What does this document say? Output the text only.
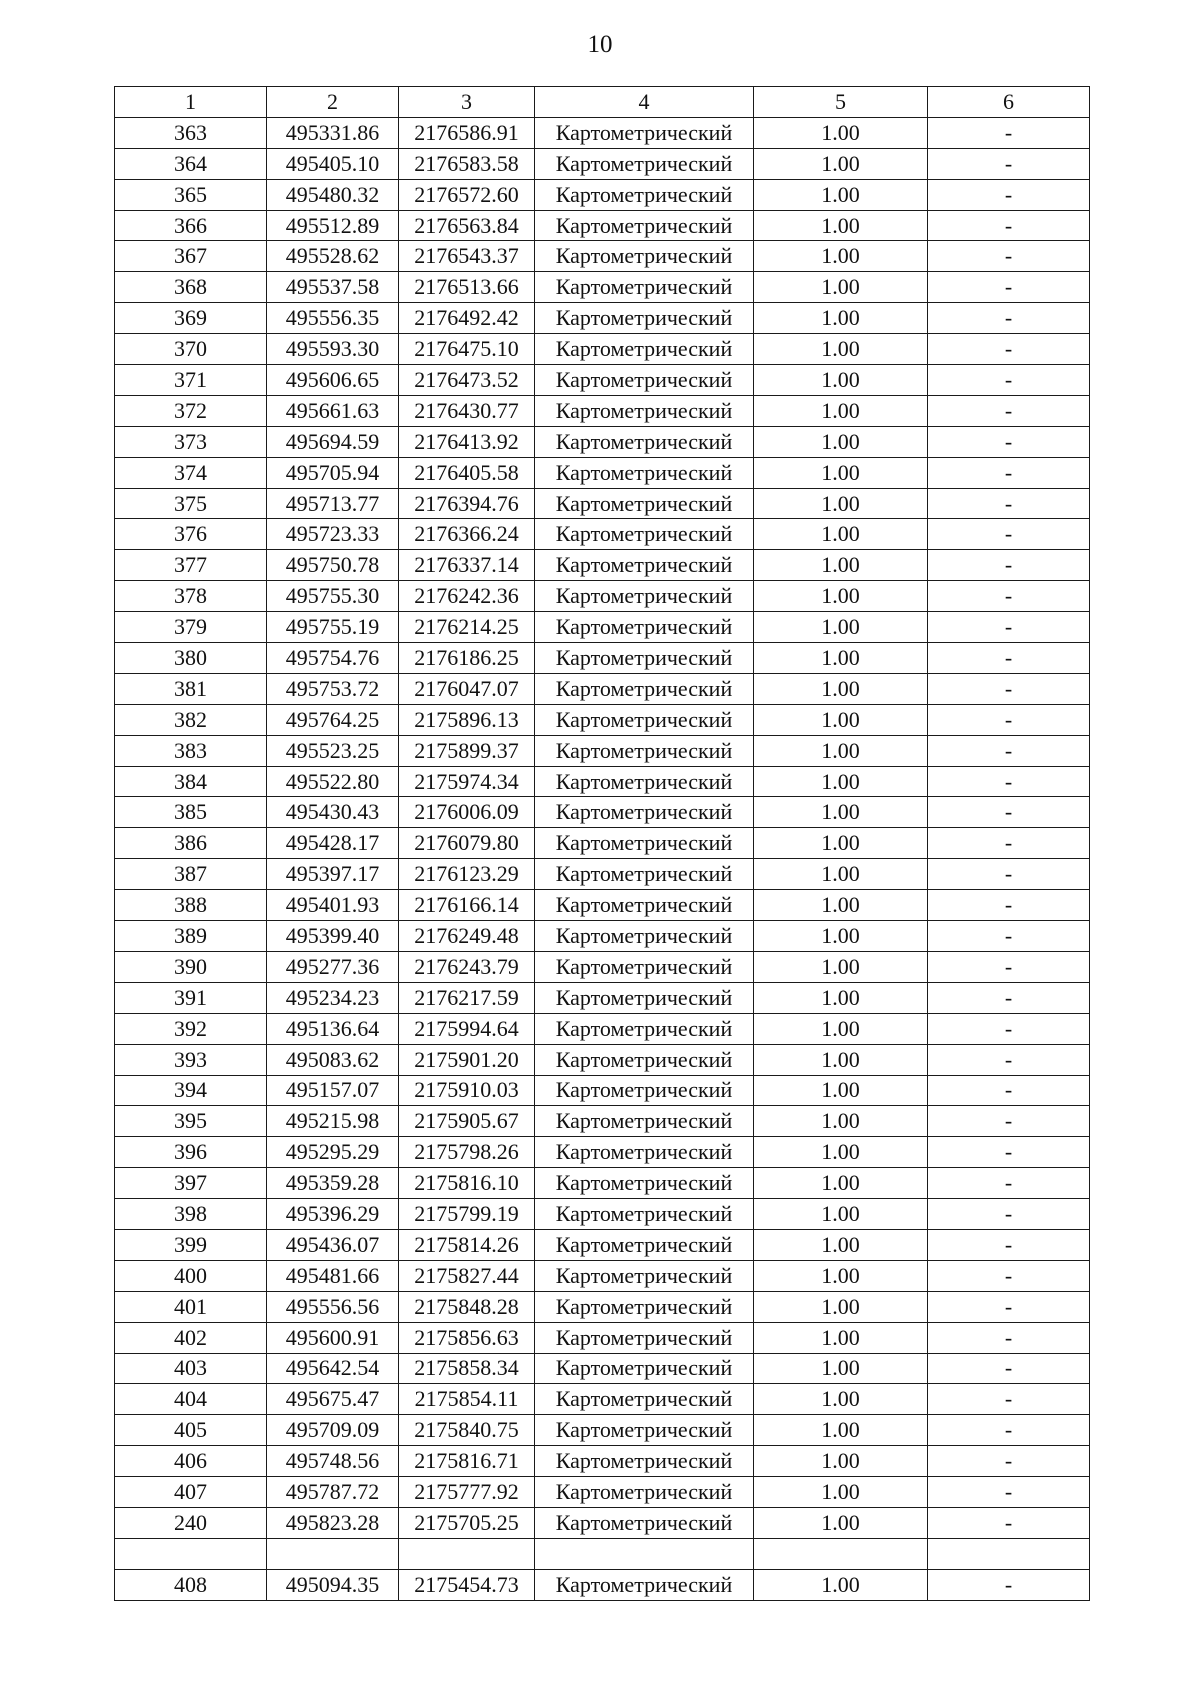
10
1	2	3	4	5	6
363	495331.86	2176586.91	Картометрический	1.00	-
364	495405.10	2176583.58	Картометрический	1.00	-
365	495480.32	2176572.60	Картометрический	1.00	-
366	495512.89	2176563.84	Картометрический	1.00	-
367	495528.62	2176543.37	Картометрический	1.00	-
368	495537.58	2176513.66	Картометрический	1.00	-
369	495556.35	2176492.42	Картометрический	1.00	-
370	495593.30	2176475.10	Картометрический	1.00	-
371	495606.65	2176473.52	Картометрический	1.00	-
372	495661.63	2176430.77	Картометрический	1.00	-
373	495694.59	2176413.92	Картометрический	1.00	-
374	495705.94	2176405.58	Картометрический	1.00	-
375	495713.77	2176394.76	Картометрический	1.00	-
376	495723.33	2176366.24	Картометрический	1.00	-
377	495750.78	2176337.14	Картометрический	1.00	-
378	495755.30	2176242.36	Картометрический	1.00	-
379	495755.19	2176214.25	Картометрический	1.00	-
380	495754.76	2176186.25	Картометрический	1.00	-
381	495753.72	2176047.07	Картометрический	1.00	-
382	495764.25	2175896.13	Картометрический	1.00	-
383	495523.25	2175899.37	Картометрический	1.00	-
384	495522.80	2175974.34	Картометрический	1.00	-
385	495430.43	2176006.09	Картометрический	1.00	-
386	495428.17	2176079.80	Картометрический	1.00	-
387	495397.17	2176123.29	Картометрический	1.00	-
388	495401.93	2176166.14	Картометрический	1.00	-
389	495399.40	2176249.48	Картометрический	1.00	-
390	495277.36	2176243.79	Картометрический	1.00	-
391	495234.23	2176217.59	Картометрический	1.00	-
392	495136.64	2175994.64	Картометрический	1.00	-
393	495083.62	2175901.20	Картометрический	1.00	-
394	495157.07	2175910.03	Картометрический	1.00	-
395	495215.98	2175905.67	Картометрический	1.00	-
396	495295.29	2175798.26	Картометрический	1.00	-
397	495359.28	2175816.10	Картометрический	1.00	-
398	495396.29	2175799.19	Картометрический	1.00	-
399	495436.07	2175814.26	Картометрический	1.00	-
400	495481.66	2175827.44	Картометрический	1.00	-
401	495556.56	2175848.28	Картометрический	1.00	-
402	495600.91	2175856.63	Картометрический	1.00	-
403	495642.54	2175858.34	Картометрический	1.00	-
404	495675.47	2175854.11	Картометрический	1.00	-
405	495709.09	2175840.75	Картометрический	1.00	-
406	495748.56	2175816.71	Картометрический	1.00	-
407	495787.72	2175777.92	Картометрический	1.00	-
240	495823.28	2175705.25	Картометрический	1.00	-

408	495094.35	2175454.73	Картометрический	1.00	-
